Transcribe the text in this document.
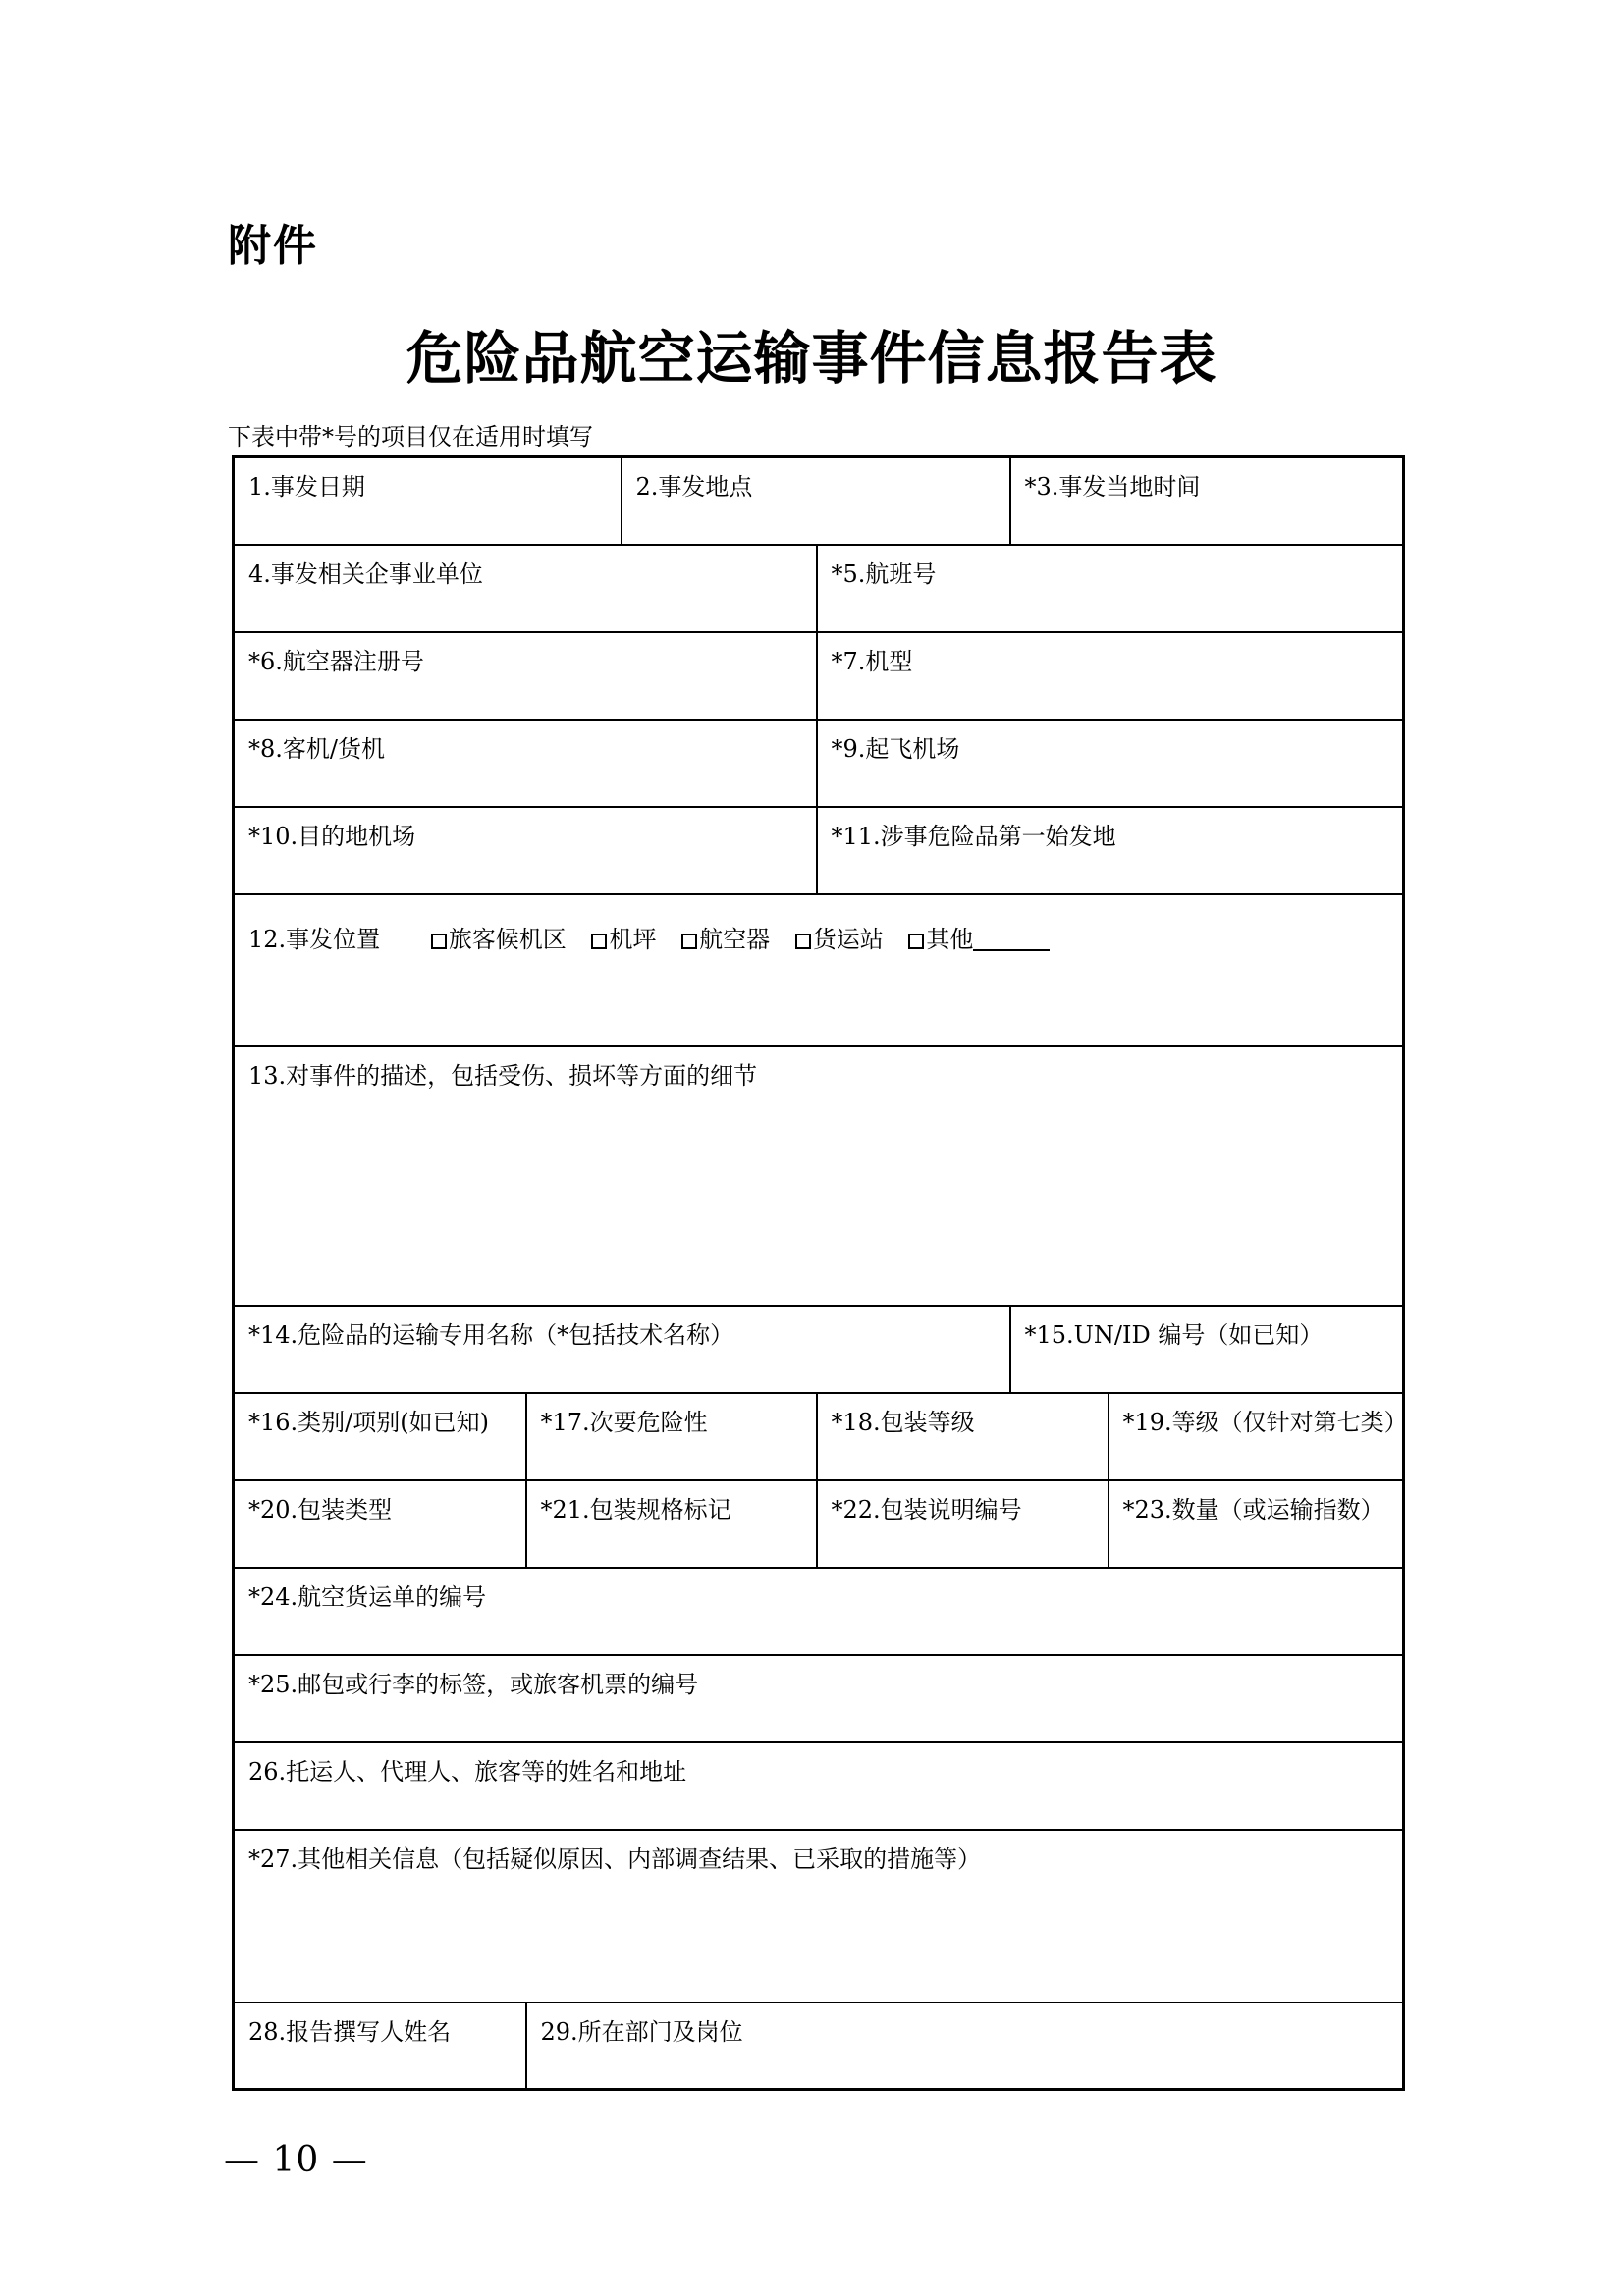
附件
危险品航空运输事件信息报告表
下表中带*号的项目仅在适用时填写
1.事发日期		2.事发地点		*3.事发当地时间	
4.事发相关企事业单位			*5.航班号		
*6.航空器注册号			*7.机型		
*8.客机/货机			*9.起飞机场		
*10.目的地机场			*11.涉事危险品第一始发地		
12.事发位置 旅客候机区 机坪 航空器 货运站 其他					
13.对事件的描述，包括受伤、损坏等方面的细节					
*14.危险品的运输专用名称（*包括技术名称）				*15.UN/ID 编号（如已知）	
*16.类别/项别(如已知)	*17.次要危险性		*18.包装等级		*19.等级（仅针对第七类）
*20.包装类型	*21.包装规格标记		*22.包装说明编号		*23.数量（或运输指数）
*24.航空货运单的编号					
*25.邮包或行李的标签，或旅客机票的编号					
26.托运人、代理人、旅客等的姓名和地址					
*27.其他相关信息（包括疑似原因、内部调查结果、已采取的措施等）					
28.报告撰写人姓名	29.所在部门及岗位				
— 10 —
